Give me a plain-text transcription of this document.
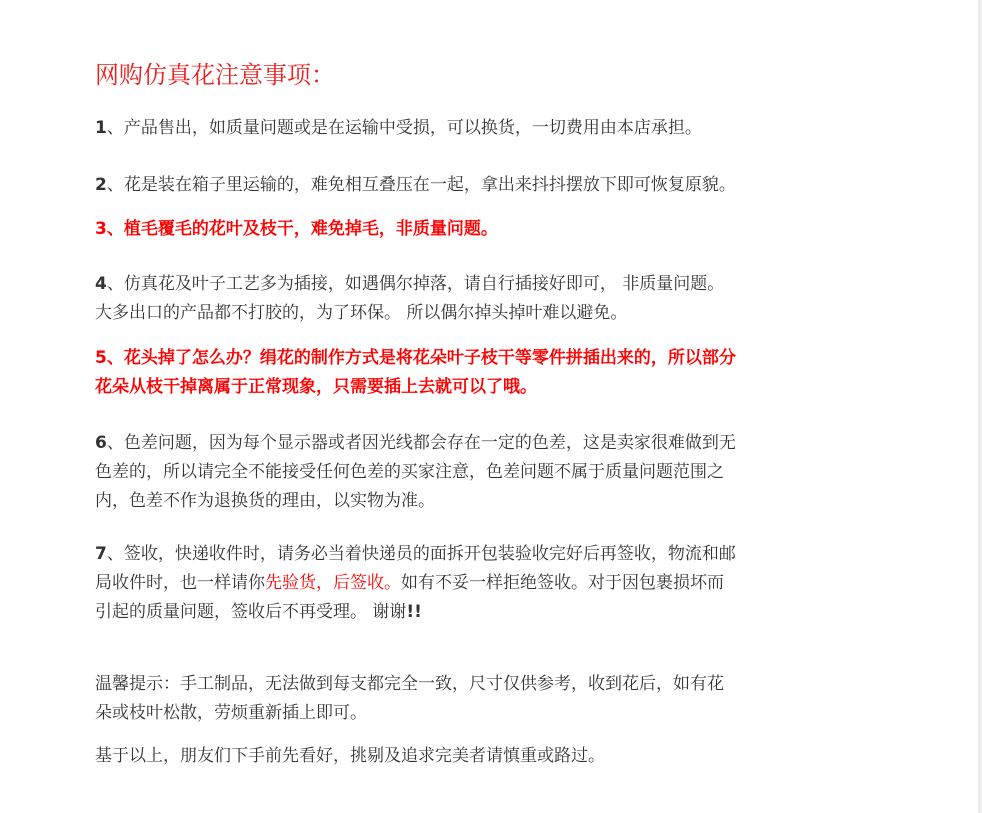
网购仿真花注意事项：

1、产品售出，如质量问题或是在运输中受损，可以换货，一切费用由本店承担。

2、花是装在箱子里运输的，难免相互叠压在一起，拿出来抖抖摆放下即可恢复原貌。

3、植毛覆毛的花叶及枝干，难免掉毛，非质量问题。

4、仿真花及叶子工艺多为插接，如遇偶尔掉落，请自行插接好即可， 非质量问题。
大多出口的产品都不打胶的，为了环保。 所以偶尔掉头掉叶难以避免。

5、花头掉了怎么办？绢花的制作方式是将花朵叶子枝干等零件拼插出来的，所以部分
花朵从枝干掉离属于正常现象，只需要插上去就可以了哦。

6、色差问题，因为每个显示器或者因光线都会存在一定的色差，这是卖家很难做到无
色差的，所以请完全不能接受任何色差的买家注意，色差问题不属于质量问题范围之
内，色差不作为退换货的理由，以实物为准。

7、签收，快递收件时，请务必当着快递员的面拆开包装验收完好后再签收，物流和邮
局收件时，也一样请你先验货，后签收。如有不妥一样拒绝签收。对于因包裹损坏而
引起的质量问题，签收后不再受理。 谢谢!!

温馨提示：手工制品，无法做到每支都完全一致，尺寸仅供参考，收到花后，如有花
朵或枝叶松散，劳烦重新插上即可。

基于以上，朋友们下手前先看好，挑剔及追求完美者请慎重或路过。
